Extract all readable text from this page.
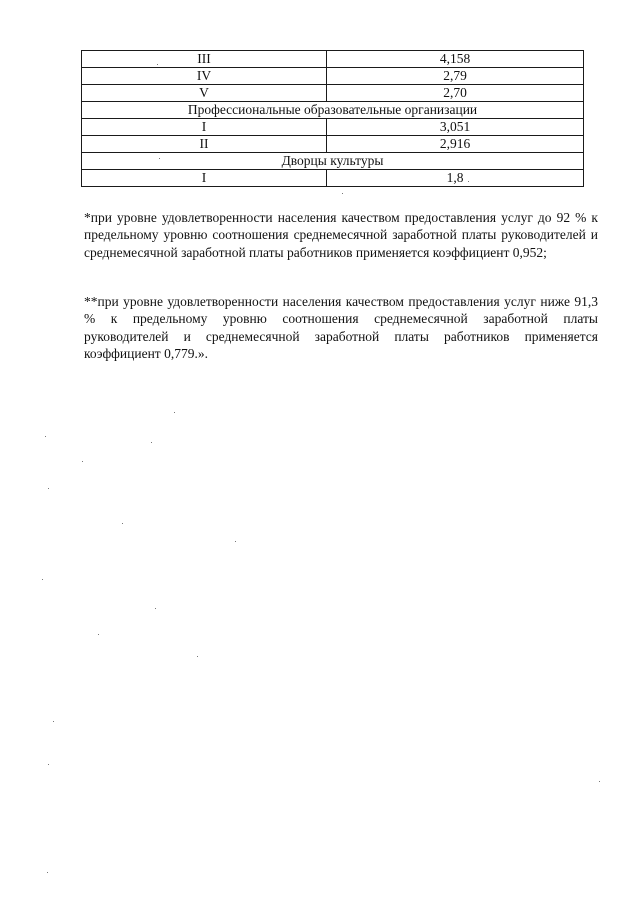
III	4,158
IV	2,79
V	2,70
Профессиональные образовательные организации	
I	3,051
II	2,916
Дворцы культуры	
I	1,8

*при уровне удовлетворенности населения качеством предоставления услуг до 92 % к предельному уровню соотношения среднемесячной заработной платы руководителей и среднемесячной заработной платы работников применяется коэффициент 0,952;

**при уровне удовлетворенности населения качеством предоставления услуг ниже 91,3 % к предельному уровню соотношения среднемесячной заработной платы руководителей и среднемесячной заработной платы работников применяется коэффициент 0,779.».
